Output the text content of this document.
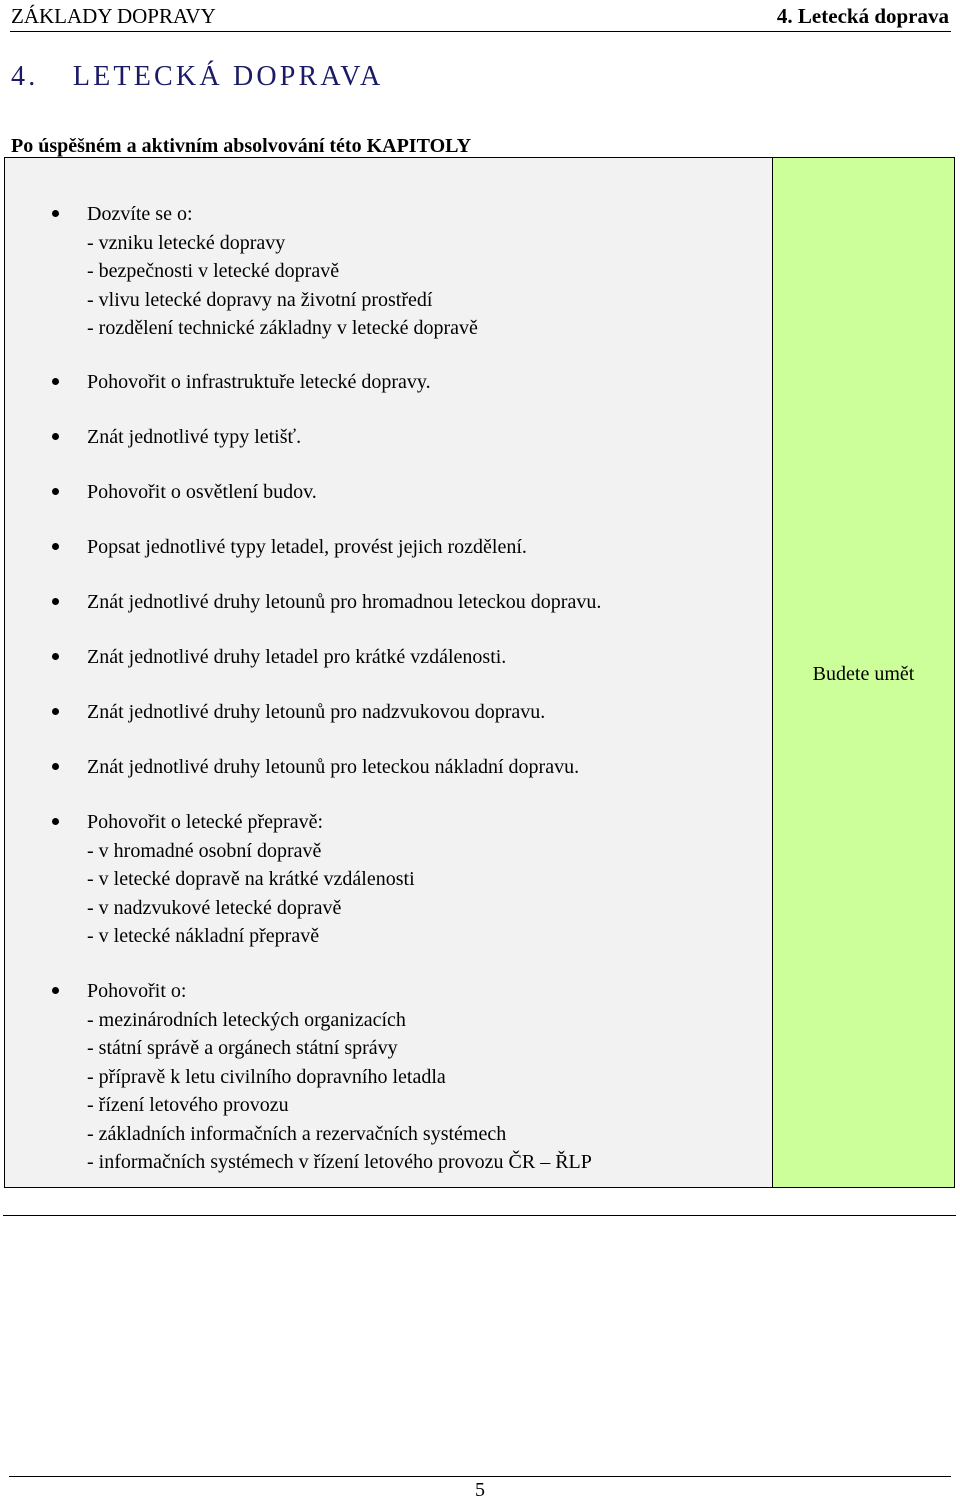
ZÁKLADY DOPRAVY	4. Letecká doprava
4. LETECKÁ DOPRAVA
Po úspěšném a aktivním absolvování této KAPITOLY
Dozvíte se o:
- vzniku letecké dopravy
- bezpečnosti v letecké dopravě
- vlivu letecké dopravy na životní prostředí
- rozdělení technické základny v letecké dopravě
Pohovořit o infrastruktuře letecké dopravy.
Znát jednotlivé typy letišť.
Pohovořit o osvětlení budov.
Popsat jednotlivé typy letadel, provést jejich rozdělení.
Znát jednotlivé druhy letounů pro hromadnou leteckou dopravu.
Znát jednotlivé druhy letadel pro krátké vzdálenosti.
Znát jednotlivé druhy letounů pro nadzvukovou dopravu.
Znát jednotlivé druhy letounů pro leteckou nákladní dopravu.
Pohovořit o letecké přepravě:
- v hromadné osobní dopravě
- v letecké dopravě na krátké vzdálenosti
- v nadzvukové letecké dopravě
- v letecké nákladní přepravě
Pohovořit o:
- mezinárodních leteckých organizacích
- státní správě a orgánech státní správy
- přípravě k letu civilního dopravního letadla
- řízení letového provozu
- základních informačních a rezervačních systémech
- informačních systémech v řízení letového provozu ČR – ŘLP
Budete umět
5
